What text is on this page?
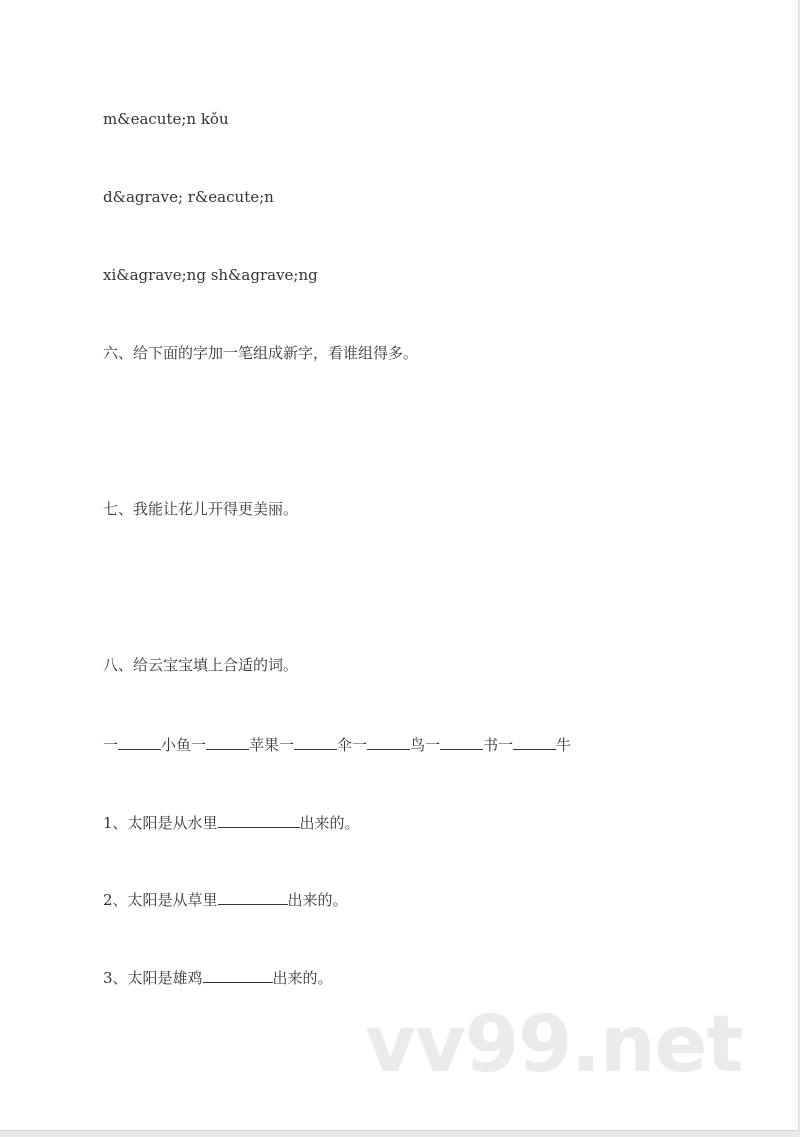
m&eacute;n kǒu
d&agrave; r&eacute;n
xi&agrave;ng sh&agrave;ng
六、给下面的字加一笔组成新字，看谁组得多。
七、我能让花儿开得更美丽。
八、给云宝宝填上合适的词。
一	小鱼一	苹果一	伞一	鸟一	书一	牛
1、太阳是从水里	出来的。
2、太阳是从草里	出来的。
3、太阳是雄鸡	出来的。
vv99.net
